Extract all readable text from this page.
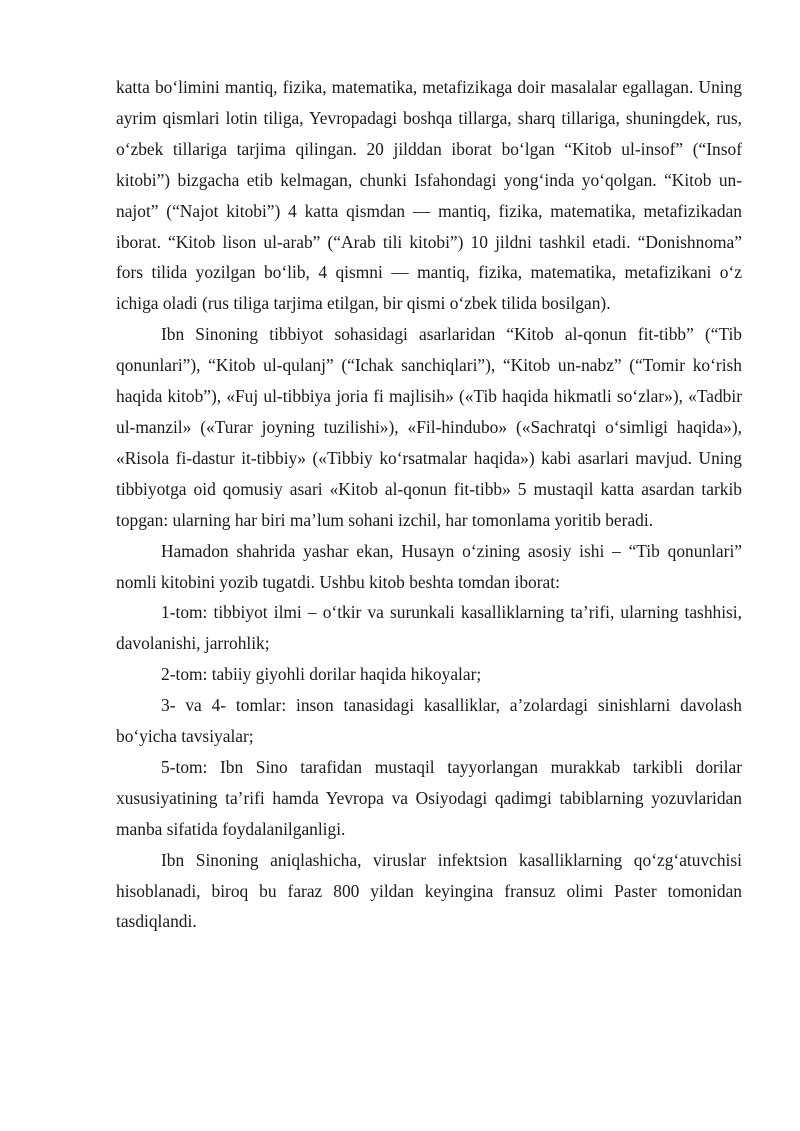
katta bo‘limini mantiq, fizika, matematika, metafizikaga doir masalalar egallagan. Uning ayrim qismlari lotin tiliga, Yevropadagi boshqa tillarga, sharq tillariga, shuningdek, rus, o‘zbek tillariga tarjima qilingan. 20 jilddan iborat bo‘lgan “Kitob ul-insof” (“Insof kitobi”) bizgacha etib kelmagan, chunki Isfahondagi yong‘inda yo‘qolgan. “Kitob un-najot” (“Najot kitobi”) 4 katta qismdan — mantiq, fizika, matematika, metafizikadan iborat. “Kitob lison ul-arab” (“Arab tili kitobi”) 10 jildni tashkil etadi. “Donishnoma” fors tilida yozilgan bo‘lib, 4 qismni — mantiq, fizika, matematika, metafizikani o‘z ichiga oladi (rus tiliga tarjima etilgan, bir qismi o‘zbek tilida bosilgan).

Ibn Sinoning tibbiyot sohasidagi asarlaridan “Kitob al-qonun fit-tibb” (“Tib qonunlari”), “Kitob ul-qulanj” (“Ichak sanchiqlari”), “Kitob un-nabz” (“Tomir ko‘rish haqida kitob”), «Fuj ul-tibbiya joria fi majlisih» («Tib haqida hikmatli so‘zlar»), «Tadbir ul-manzil» («Turar joyning tuzilishi»), «Fil-hindubo» («Sachratqi o‘simligi haqida»), «Risola fi-dastur it-tibbiy» («Tibbiy ko‘rsatmalar haqida») kabi asarlari mavjud. Uning tibbiyotga oid qomusiy asari «Kitob al-qonun fit-tibb» 5 mustaqil katta asardan tarkib topgan: ularning har biri ma’lum sohani izchil, har tomonlama yoritib beradi.

Hamadon shahrida yashar ekan, Husayn o‘zining asosiy ishi – “Tib qonunlari” nomli kitobini yozib tugatdi. Ushbu kitob beshta tomdan iborat:

1-tom: tibbiyot ilmi – o‘tkir va surunkali kasalliklarning ta’rifi, ularning tashhisi, davolanishi, jarrohlik;

2-tom: tabiiy giyohli dorilar haqida hikoyalar;

3- va 4- tomlar: inson tanasidagi kasalliklar, a’zolardagi sinishlarni davolash bo‘yicha tavsiyalar;

5-tom: Ibn Sino tarafidan mustaqil tayyorlangan murakkab tarkibli dorilar xususiyatining ta’rifi hamda Yevropa va Osiyodagi qadimgi tabiblarning yozuvlaridan manba sifatida foydalanilganligi.

Ibn Sinoning aniqlashicha, viruslar infektsion kasalliklarning qo‘zg‘atuvchisi hisoblanadi, biroq bu faraz 800 yildan keyingina fransuz olimi Paster tomonidan tasdiqlandi.
